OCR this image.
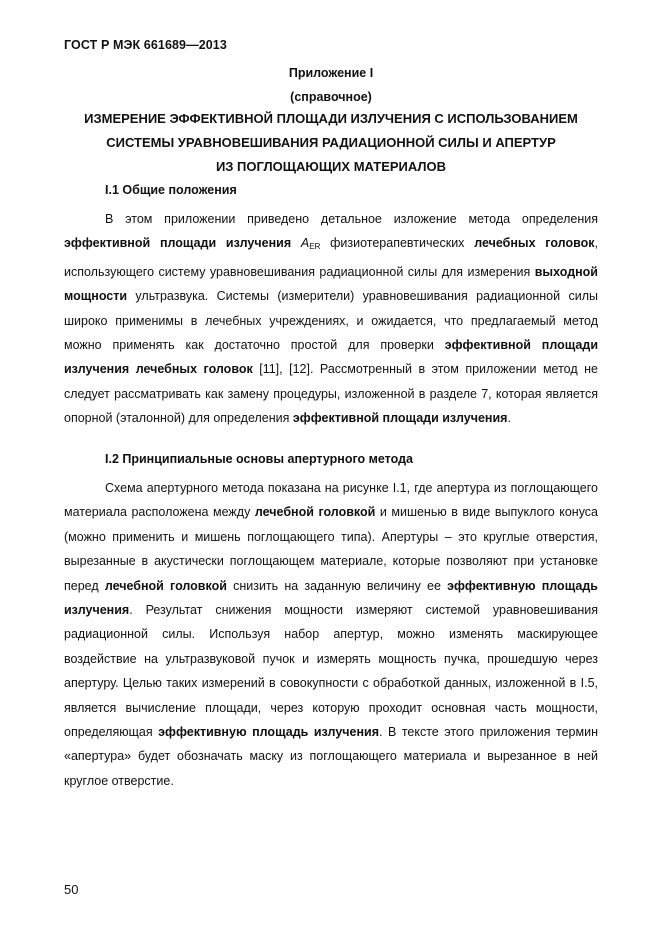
ГОСТ Р МЭК 661689—2013
Приложение I
(справочное)
ИЗМЕРЕНИЕ ЭФФЕКТИВНОЙ ПЛОЩАДИ ИЗЛУЧЕНИЯ С ИСПОЛЬЗОВАНИЕМ
СИСТЕМЫ УРАВНОВЕШИВАНИЯ РАДИАЦИОННОЙ СИЛЫ И АПЕРТУР
ИЗ ПОГЛОЩАЮЩИХ МАТЕРИАЛОВ
I.1 Общие положения

В этом приложении приведено детальное изложение метода определения эффективной площади излучения $A_{ER}$ физиотерапевтических лечебных головок, использующего систему уравновешивания радиационной силы для измерения выходной мощности ультразвука. Системы (измерители) уравновешивания радиационной силы широко применимы в лечебных учреждениях, и ожидается, что предлагаемый метод можно применять как достаточно простой для проверки эффективной площади излучения лечебных головок [11], [12]. Рассмотренный в этом приложении метод не следует рассматривать как замену процедуры, изложенной в разделе 7, которая является опорной (эталонной) для определения эффективной площади излучения.

I.2 Принципиальные основы апертурного метода

Схема апертурного метода показана на рисунке I.1, где апертура из поглощающего материала расположена между лечебной головкой и мишенью в виде выпуклого конуса (можно применить и мишень поглощающего типа). Апертуры – это круглые отверстия, вырезанные в акустически поглощающем материале, которые позволяют при установке перед лечебной головкой снизить на заданную величину ее эффективную площадь излучения. Результат снижения мощности измеряют системой уравновешивания радиационной силы. Используя набор апертур, можно изменять маскирующее воздействие на ультразвуковой пучок и измерять мощность пучка, прошедшую через апертуру. Целью таких измерений в совокупности с обработкой данных, изложенной в I.5, является вычисление площади, через которую проходит основная часть мощности, определяющая эффективную площадь излучения. В тексте этого приложения термин «апертура» будет обозначать маску из поглощающего материала и вырезанное в ней круглое отверстие.

50
